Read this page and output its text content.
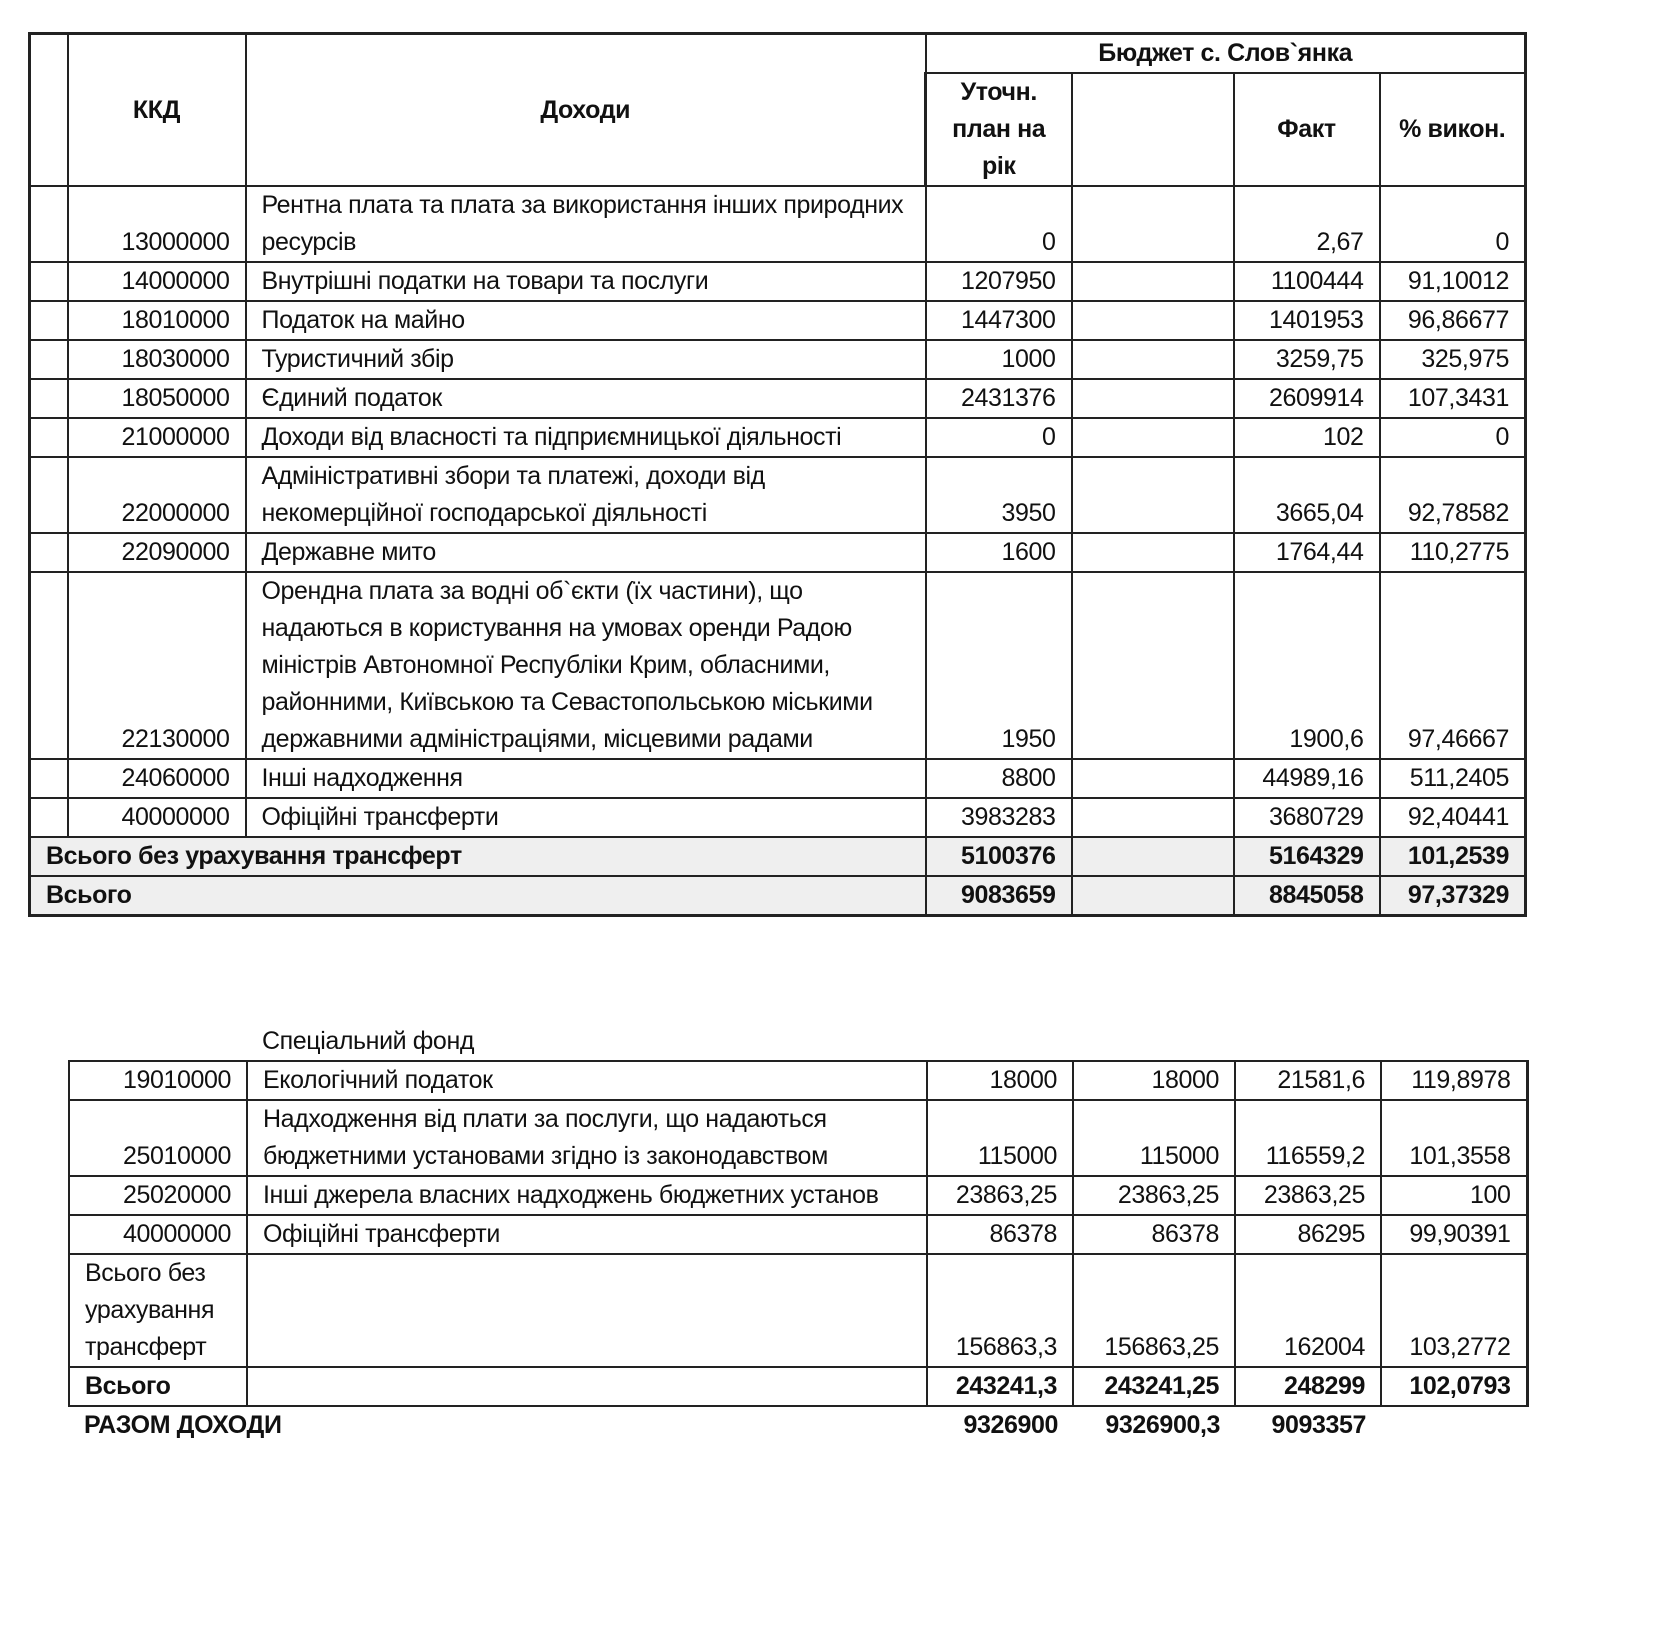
	ККД	Доходи	Бюджет с. Слов`янка			
			Уточн. план на рік		Факт	% викон.
	13000000	Рентна плата та плата за використання інших природних ресурсів	0		2,67	0
	14000000	Внутрішні податки на товари та послуги	1207950		1100444	91,10012
	18010000	Податок на майно	1447300		1401953	96,86677
	18030000	Туристичний збір	1000		3259,75	325,975
	18050000	Єдиний податок	2431376		2609914	107,3431
	21000000	Доходи від власності та підприємницької діяльності	0		102	0
	22000000	Адміністративні збори та платежі, доходи від некомерційної господарської діяльності	3950		3665,04	92,78582
	22090000	Державне мито	1600		1764,44	110,2775
	22130000	Орендна плата за водні об`єкти (їх частини), що надаються в користування на умовах оренди Радою міністрів Автономної Республіки Крим, обласними, районними, Київською та Севастопольською міськими державними адміністраціями, місцевими радами	1950		1900,6	97,46667
	24060000	Інші надходження	8800		44989,16	511,2405
	40000000	Офіційні трансферти	3983283		3680729	92,40441
Всього без урахування трансферт			5100376		5164329	101,2539
Всього			9083659		8845058	97,37329
	Спеціальний фонд				
19010000	Екологічний податок	18000	18000	21581,6	119,8978
25010000	Надходження від плати за послуги, що надаються бюджетними установами згідно із законодавством	115000	115000	116559,2	101,3558
25020000	Інші джерела власних надходжень бюджетних установ	23863,25	23863,25	23863,25	100
40000000	Офіційні трансферти	86378	86378	86295	99,90391
Всього без урахування трансферт		156863,3	156863,25	162004	103,2772
Всього		243241,3	243241,25	248299	102,0793
РАЗОМ ДОХОДИ		9326900	9326900,3	9093357	
